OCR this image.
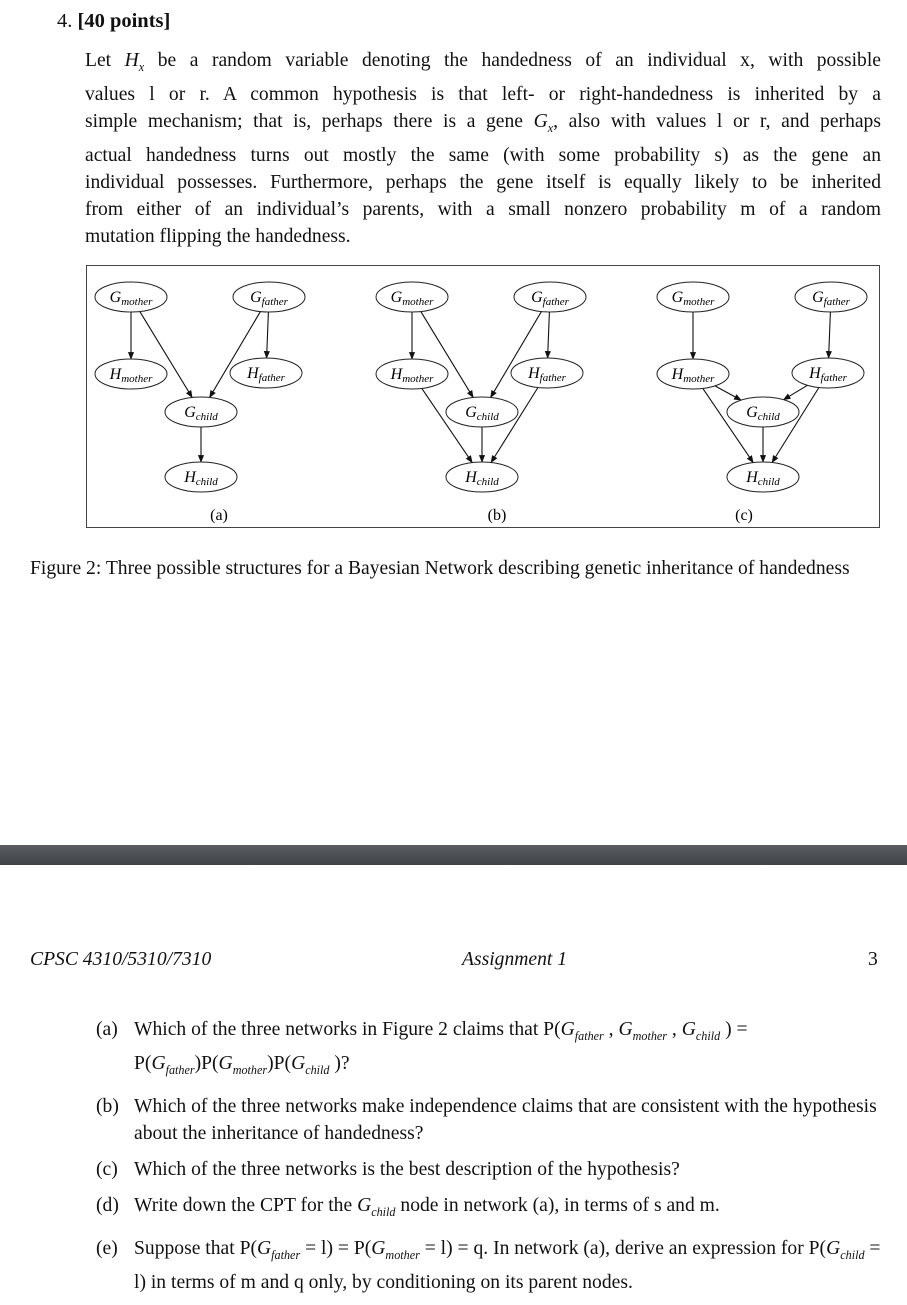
4. [40 points]
Let $H_x$ be a random variable denoting the handedness of an individual x, with possible
values l or r. A common hypothesis is that left- or right-handedness is inherited by a
simple mechanism; that is, perhaps there is a gene $G_x$, also with values l or r, and perhaps
actual handedness turns out mostly the same (with some probability s) as the gene an
individual possesses. Furthermore, perhaps the gene itself is equally likely to be inherited
from either of an individual’s parents, with a small nonzero probability m of a random
mutation flipping the handedness.
Gmother	Gfather
Hmother	Hfather
Gchild
Hchild
(a)
Gmother	Gfather
Hmother	Hfather
Gchild
Hchild
(b)
Gmother	Gfather
Hmother	Hfather
Gchild
Hchild
(c)
Figure 2: Three possible structures for a Bayesian Network describing genetic inheritance of handedness
CPSC 4310/5310/7310	Assignment 1	3
(a) Which of the three networks in Figure 2 claims that $P(G_{father}$ , $G_{mother}$ , $G_{child}$ ) = $P(G_{father})P(G_{mother})P(G_{child}$ )?
(b) Which of the three networks make independence claims that are consistent with the hypothesis about the inheritance of handedness?
(c) Which of the three networks is the best description of the hypothesis?
(d) Write down the CPT for the $G_{child}$ node in network (a), in terms of s and m.
(e) Suppose that $P(G_{father} = l) = P(G_{mother} = l) = q$. In network (a), derive an expression for $P(G_{child} = l)$ in terms of m and q only, by conditioning on its parent nodes.
